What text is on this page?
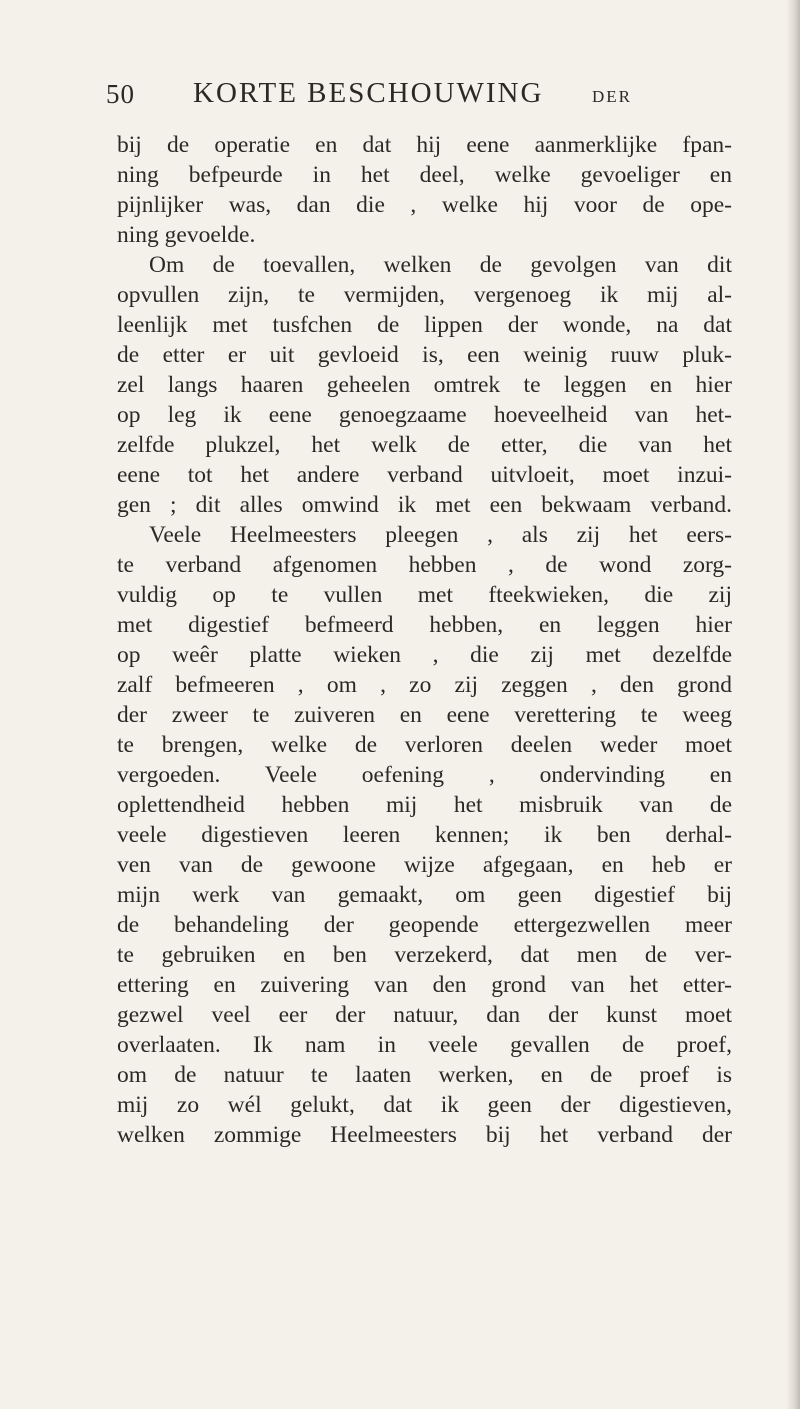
50 KORTE BESCHOUWING	DER
bij de operatie en dat hij eene aanmerklijke fpan-
ning befpeurde in het deel, welke gevoeliger en
pijnlijker was, dan die , welke hij voor de ope-
ning gevoelde.
Om de toevallen, welken de gevolgen van dit
opvullen zijn, te vermijden, vergenoeg ik mij al-
leenlijk met tusfchen de lippen der wonde, na dat
de etter er uit gevloeid is, een weinig ruuw pluk-
zel langs haaren geheelen omtrek te leggen en hier
op leg ik eene genoegzaame hoeveelheid van het-
zelfde plukzel, het welk de etter, die van het
eene tot het andere verband uitvloeit, moet inzui-
gen ; dit alles omwind ik met een bekwaam verband.
Veele Heelmeesters pleegen , als zij het eers-
te verband afgenomen hebben , de wond zorg-
vuldig op te vullen met fteekwieken, die zij
met digestief befmeerd hebben, en leggen hier
op weêr platte wieken , die zij met dezelfde
zalf befmeeren , om , zo zij zeggen , den grond
der zweer te zuiveren en eene verettering te weeg
te brengen, welke de verloren deelen weder moet
vergoeden. Veele oefening , ondervinding en
oplettendheid hebben mij het misbruik van de
veele digestieven leeren kennen; ik ben derhal-
ven van de gewoone wijze afgegaan, en heb er
mijn werk van gemaakt, om geen digestief bij
de behandeling der geopende ettergezwellen meer
te gebruiken en ben verzekerd, dat men de ver-
ettering en zuivering van den grond van het etter-
gezwel veel eer der natuur, dan der kunst moet
overlaaten. Ik nam in veele gevallen de proef,
om de natuur te laaten werken, en de proef is
mij zo wél gelukt, dat ik geen der digestieven,
welken zommige Heelmeesters bij het verband der
